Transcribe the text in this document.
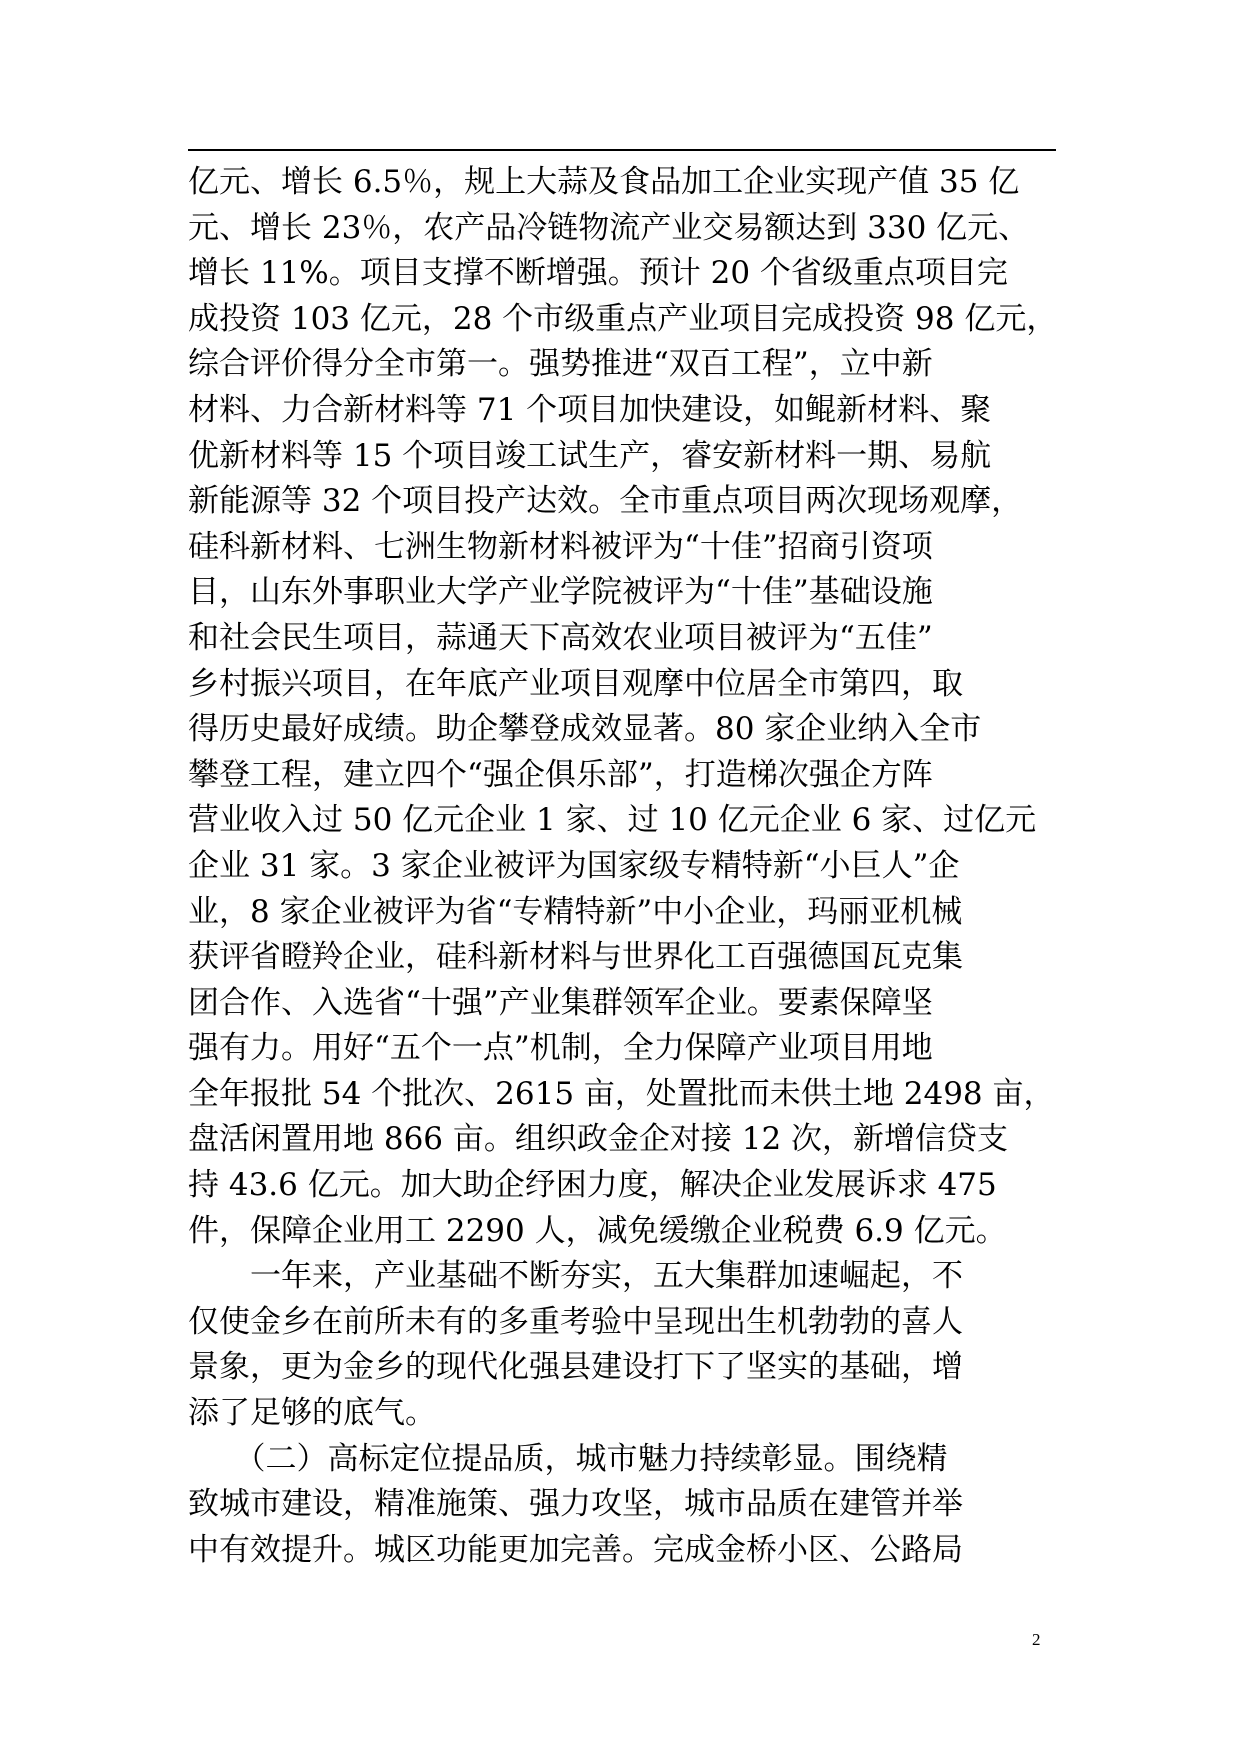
亿元、增长 6.5％，规上大蒜及食品加工企业实现产值 35 亿
元、增长 23％，农产品冷链物流产业交易额达到 330 亿元、
增长 11%。项目支撑不断增强。预计 20 个省级重点项目完
成投资 103 亿元，28 个市级重点产业项目完成投资 98 亿元，
综合评价得分全市第一。强势推进“双百工程”，立中新
材料、力合新材料等 71 个项目加快建设，如鲲新材料、聚
优新材料等 15 个项目竣工试生产，睿安新材料一期、易航
新能源等 32 个项目投产达效。全市重点项目两次现场观摩，
硅科新材料、七洲生物新材料被评为“十佳”招商引资项
目，山东外事职业大学产业学院被评为“十佳”基础设施
和社会民生项目，蒜通天下高效农业项目被评为“五佳”
乡村振兴项目，在年底产业项目观摩中位居全市第四，取
得历史最好成绩。助企攀登成效显著。80 家企业纳入全市
攀登工程，建立四个“强企俱乐部”，打造梯次强企方阵
营业收入过 50 亿元企业 1 家、过 10 亿元企业 6 家、过亿元
企业 31 家。3 家企业被评为国家级专精特新“小巨人”企
业，8 家企业被评为省“专精特新”中小企业，玛丽亚机械
获评省瞪羚企业，硅科新材料与世界化工百强德国瓦克集
团合作、入选省“十强”产业集群领军企业。要素保障坚
强有力。用好“五个一点”机制，全力保障产业项目用地
全年报批 54 个批次、2615 亩，处置批而未供土地 2498 亩，
盘活闲置用地 866 亩。组织政金企对接 12 次，新增信贷支
持 43.6 亿元。加大助企纾困力度，解决企业发展诉求 475
件，保障企业用工 2290 人，减免缓缴企业税费 6.9 亿元。
　　一年来，产业基础不断夯实，五大集群加速崛起，不
仅使金乡在前所未有的多重考验中呈现出生机勃勃的喜人
景象，更为金乡的现代化强县建设打下了坚实的基础，增
添了足够的底气。
　　（二）高标定位提品质，城市魅力持续彰显。围绕精
致城市建设，精准施策、强力攻坚，城市品质在建管并举
中有效提升。城区功能更加完善。完成金桥小区、公路局
2
